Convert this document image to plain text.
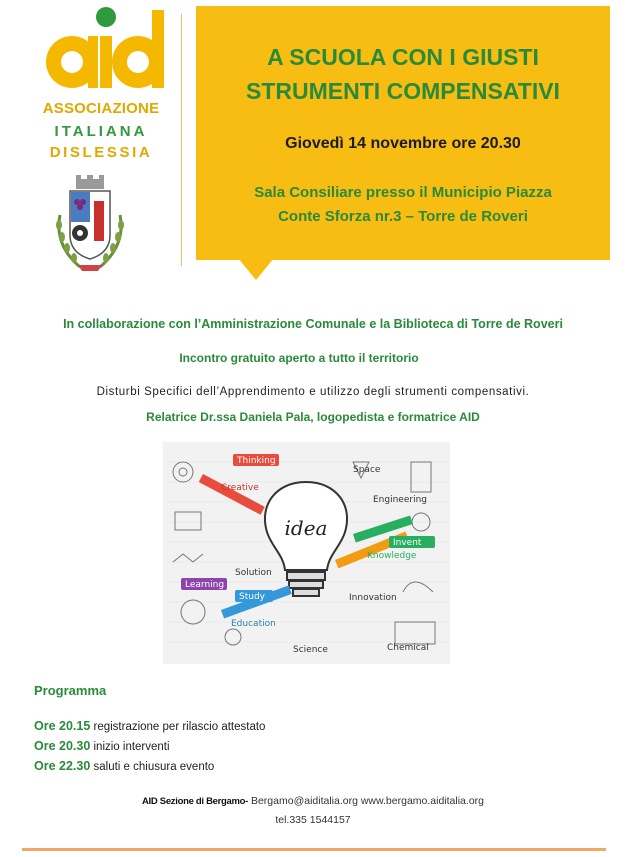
ASSOCIAZIONE
ITALIANA
DISLESSIA
A SCUOLA CON I GIUSTI
STRUMENTI COMPENSATIVI
Giovedì 14 novembre ore 20.30
Sala Consiliare presso il Municipio Piazza
Conte Sforza nr.3 – Torre de Roveri
In collaborazione con l’Amministrazione Comunale e la Biblioteca di Torre de Roveri
Incontro gratuito aperto a tutto il territorio
Disturbi Specifici dell’Apprendimento e utilizzo degli strumenti compensativi.
Relatrice Dr.ssa Daniela Pala, logopedista e formatrice AID
idea
Thinking
Creative
Invent
Knowledge
Solution
Learning
Study
Education
Innovation
Science
Engineering
Space
Chemical
Programma
Ore 20.15 registrazione per rilascio attestato
Ore 20.30 inizio interventi
Ore 22.30 saluti e chiusura evento
AID Sezione di Bergamo- Bergamo@aiditalia.org www.bergamo.aiditalia.org
tel.335 1544157
